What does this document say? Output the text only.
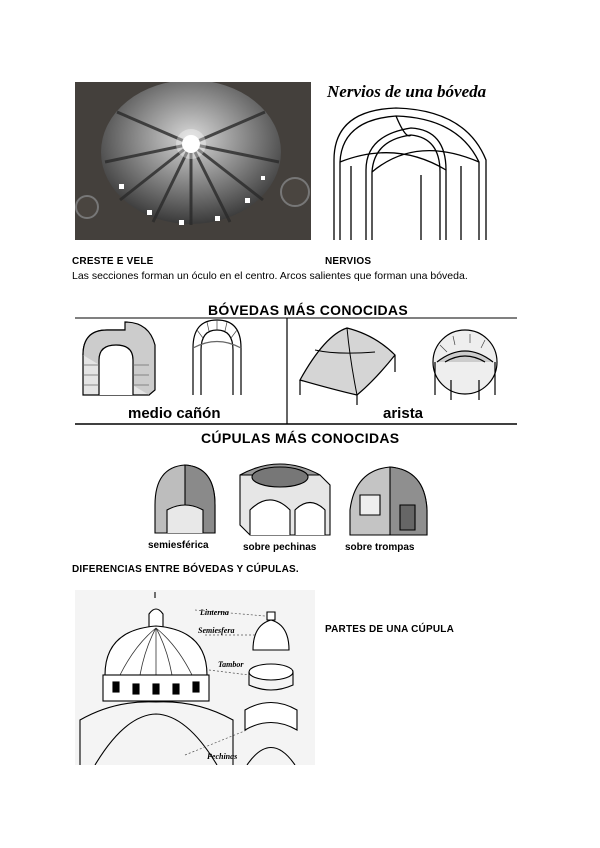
Nervios de una bóveda
CRESTE E VELE	NERVIOS
Las secciones forman un óculo en el centro. Arcos salientes que forman una bóveda.
BÓVEDAS MÁS CONOCIDAS
medio cañón	arista
CÚPULAS MÁS CONOCIDAS
semiesférica	sobre pechinas	sobre trompas
DIFERENCIAS ENTRE BÓVEDAS Y CÚPULAS.
Linterna
Semiesfera
Tambor
Pechinas
PARTES DE UNA CÚPULA
